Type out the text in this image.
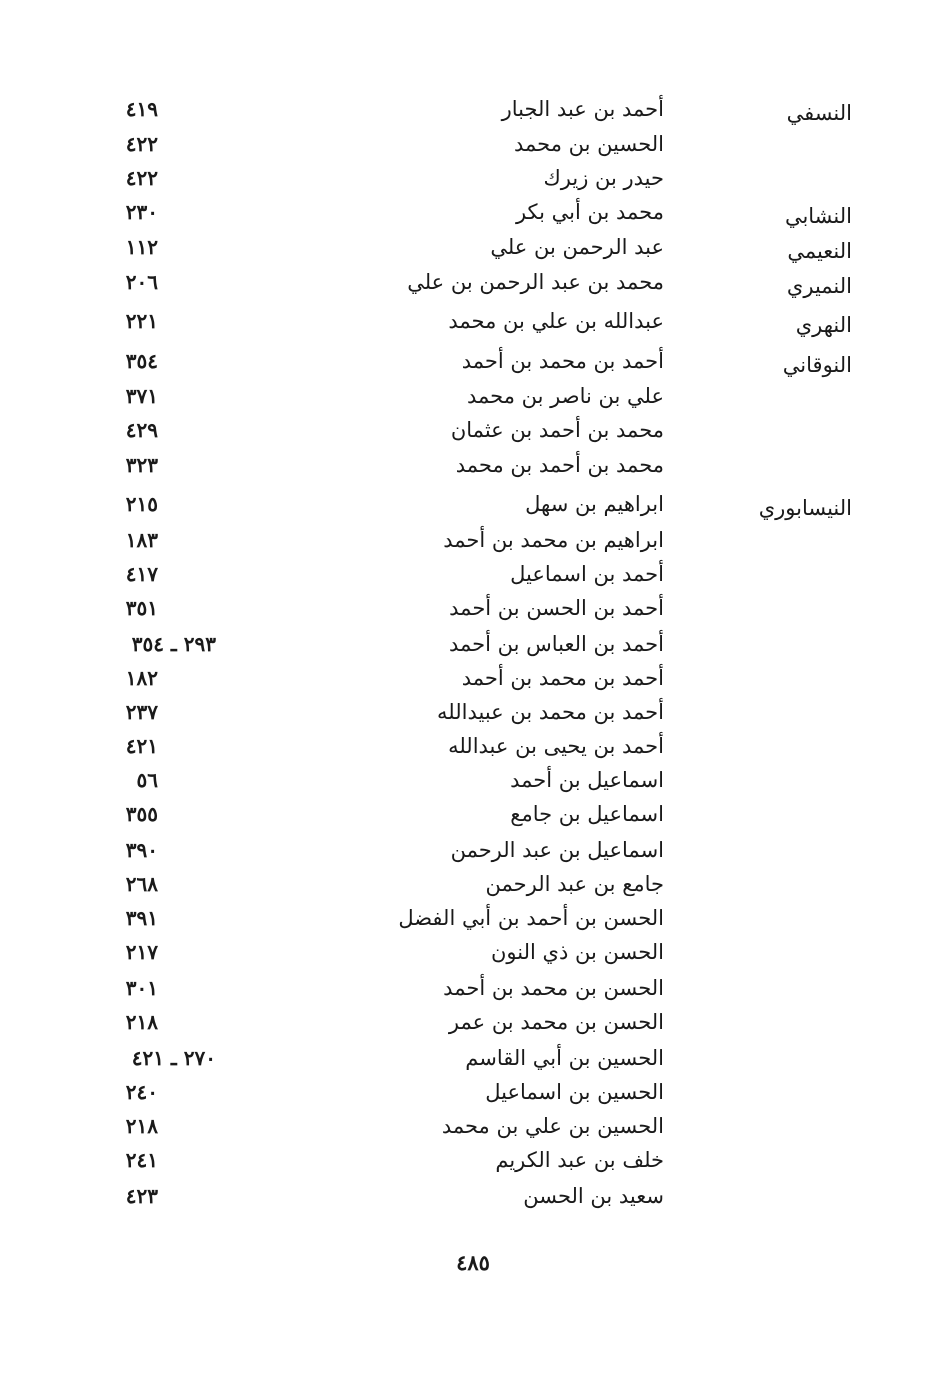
النسفي
أحمد بن عبد الجبار
٤١٩
الحسين بن محمد
٤٢٢
حيدر بن زيرك
٤٢٢
النشابي
محمد بن أبي بكر
٢٣٠
النعيمي
عبد الرحمن بن علي
١١٢
النميري
محمد بن عبد الرحمن بن علي
٢٠٦
النهري
عبدالله بن علي بن محمد
٢٢١
النوقاني
أحمد بن محمد بن أحمد
٣٥٤
علي بن ناصر بن محمد
٣٧١
محمد بن أحمد بن عثمان
٤٢٩
محمد بن أحمد بن محمد
٣٢٣
النيسابوري
ابراهيم بن سهل
٢١٥
ابراهيم بن محمد بن أحمد
١٨٣
أحمد بن اسماعيل
٤١٧
أحمد بن الحسن بن أحمد
٣٥١
أحمد بن العباس بن أحمد
٢٩٣ ـ ٣٥٤
أحمد بن محمد بن أحمد
١٨٢
أحمد بن محمد بن عبيدالله
٢٣٧
أحمد بن يحيى بن عبدالله
٤٢١
اسماعيل بن أحمد
٥٦
اسماعيل بن جامع
٣٥٥
اسماعيل بن عبد الرحمن
٣٩٠
جامع بن عبد الرحمن
٢٦٨
الحسن بن أحمد بن أبي الفضل
٣٩١
الحسن بن ذي النون
٢١٧
الحسن بن محمد بن أحمد
٣٠١
الحسن بن محمد بن عمر
٢١٨
الحسين بن أبي القاسم
٢٧٠ ـ ٤٢١
الحسين بن اسماعيل
٢٤٠
الحسين بن علي بن محمد
٢١٨
خلف بن عبد الكريم
٢٤١
سعيد بن الحسن
٤٢٣
٤٨٥
